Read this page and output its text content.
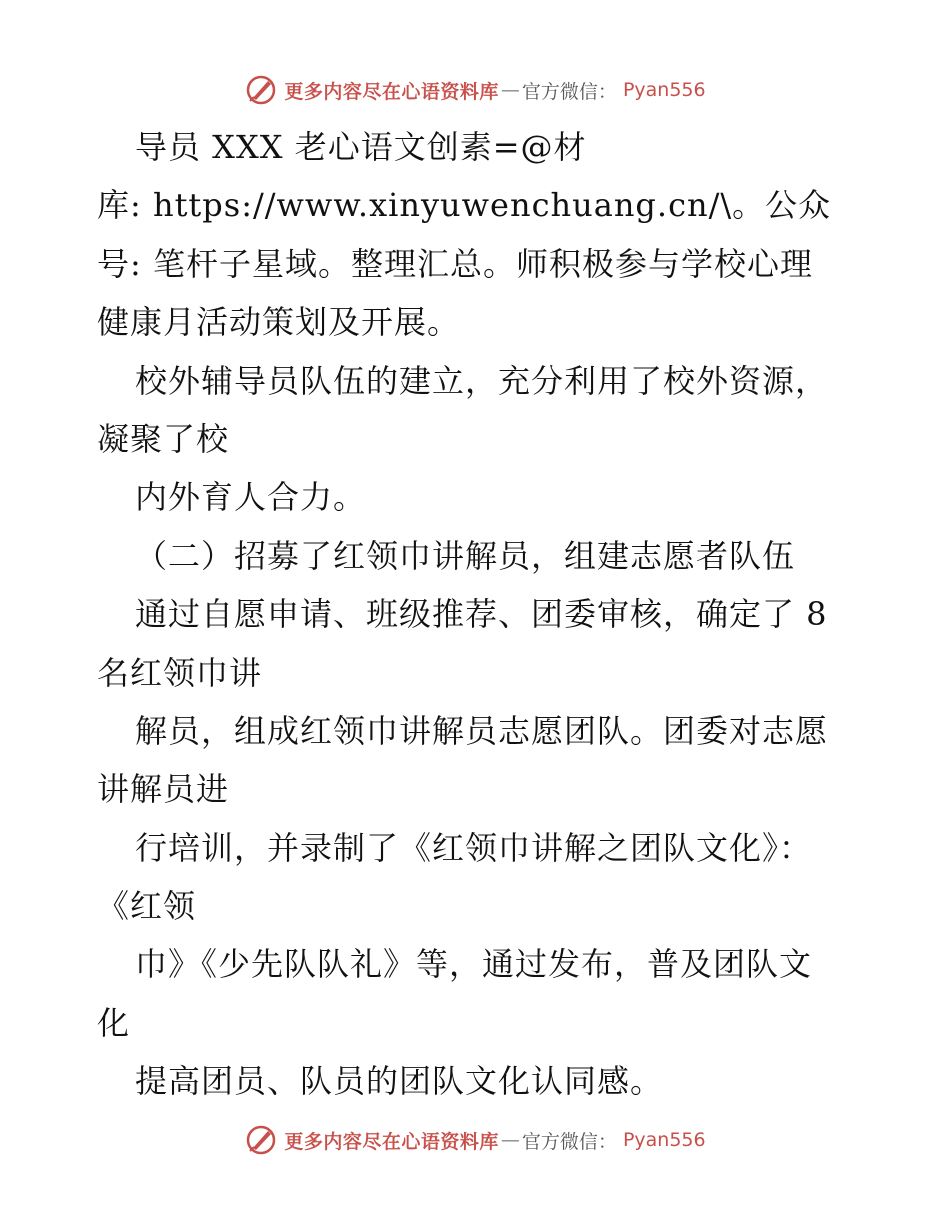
更多内容尽在心语资料库 — 官方微信： Pyan556
导员 XXX 老心语文创素=@材
库: https://www.xinyuwenchuang.cn/\。公众
号: 笔杆子星域。整理汇总。师积极参与学校心理
健康月活动策划及开展。
校外辅导员队伍的建立，充分利用了校外资源，
凝聚了校
内外育人合力。
（二）招募了红领巾讲解员，组建志愿者队伍
通过自愿申请、班级推荐、团委审核，确定了 8
名红领巾讲
解员，组成红领巾讲解员志愿团队。团委对志愿
讲解员进
行培训，并录制了《红领巾讲解之团队文化》：
《红领
巾》《少先队队礼》等，通过发布，普及团队文
化
提高团员、队员的团队文化认同感。
更多内容尽在心语资料库 — 官方微信： Pyan556
